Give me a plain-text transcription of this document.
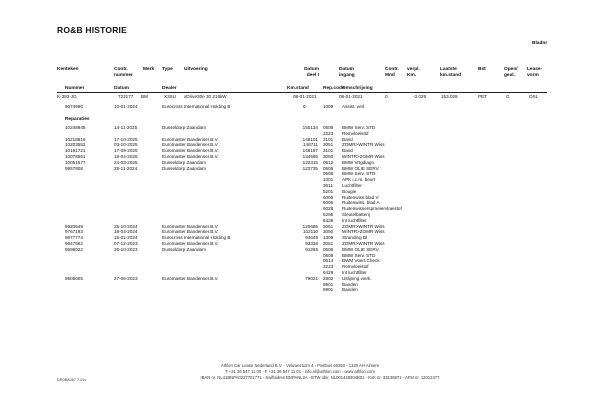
RO&B HISTORIE
Bladnr
Kenteken	Contr. nummer
Merk Type Uitvoering	Datum deel I
Datum ingang
Contr. Mnd
verpl. Km.
Laatste km.stand
Bst	Open/ geal.
Lease- vorm
Nummer	Datum	Dealer	Km.stand	Rep.code
Omschrijving
K-393-JG	723177 BM	X3SU xDrive30e 30 215kW	08-01-2021	08-01-2021	0	-3.029	153.029	PET	G	OSL
9674990	10-01-2024	Eurocross International Holding B	0	1009 Assist. verl.
Reparaties
10248945	14-11-2025	Dusseldorp Zaandam	150134 0508 BMW Serv. STD
3223 Remvloeistof
10218616	17-10-2025	Euromaster Bandenser.B.V.	148101 3101 Band
10203552	03-10-2025	Euromaster Bandenser.B.V.	146711 3051 ZOMR>WINTR Wiss
10191721	17-09-2025	Euromaster Bandenser.B.V.	146197 3101 Band
10078561	18-04-2025	Euromaster Bandenser.B.V.	134595 3050 WINTR>ZOMR Wiss
10051577	24-03-2025	Dusseldorp Zaandam	132315 0512 BMW Vrtgdiagn.
9957808	29-11-2024	Dusseldorp Zaandam	123735 0506 BMW OLIE SERV.
0508 BMW Serv. STD
1001 APK i.c.m. beurt
3611 Luchtfilter
5201 Bougie
6005 Ruitenwiss.blad V
6006 Ruitenwiss. blad A
6028 Ruitenwissersproeiervloeistof
6295 Sleutelbatterij
6429 Int luchtfilter
9920649	25-10-2024	Euromaster Bandenser.B.V.	120685 3051 ZOMR>WINTR Wiss
9767193	18-04-2024	Euromaster Bandenser.B.V.	102110 3050 WINTR>ZOMR Wiss
9677774	15-01-2024	Eurocross International Holding B	94645 1309 Stranding Bl
9647662	07-12-2023	Euromaster Bandenser.B.V.	93336 3051 ZOMR>WINTR Wiss
9596022	26-10-2023	Dusseldorp Zaandam	91265 0506 BMW OLIE SERV.
0508 BMW Serv. STD
0514 BWM Voert.Check
3223 Remvloeistof
6429 Int luchtfilter
9505005	27-06-2023	Euromaster Bandenser.B.V.	79021 2802 Uitlijning.vierk.
9901 Banden
9901 Banden
Athlon Car Lease Nederland B.V. - Veluwezoom 4 - Postbus 60250 - 1320 AH Almere
T +31 36 547 11 00 - F +31 36 547 11 01 - info.nl@athlon.com - www.athlon.com
IBAN nr. NL41BNPA0227701771 - Swiftadres BNPANL2A - BTW idnr. NL001448304B01 - KvK nr. 33136871 - AFM nr. 12012477
DR0BA067 7.01v
